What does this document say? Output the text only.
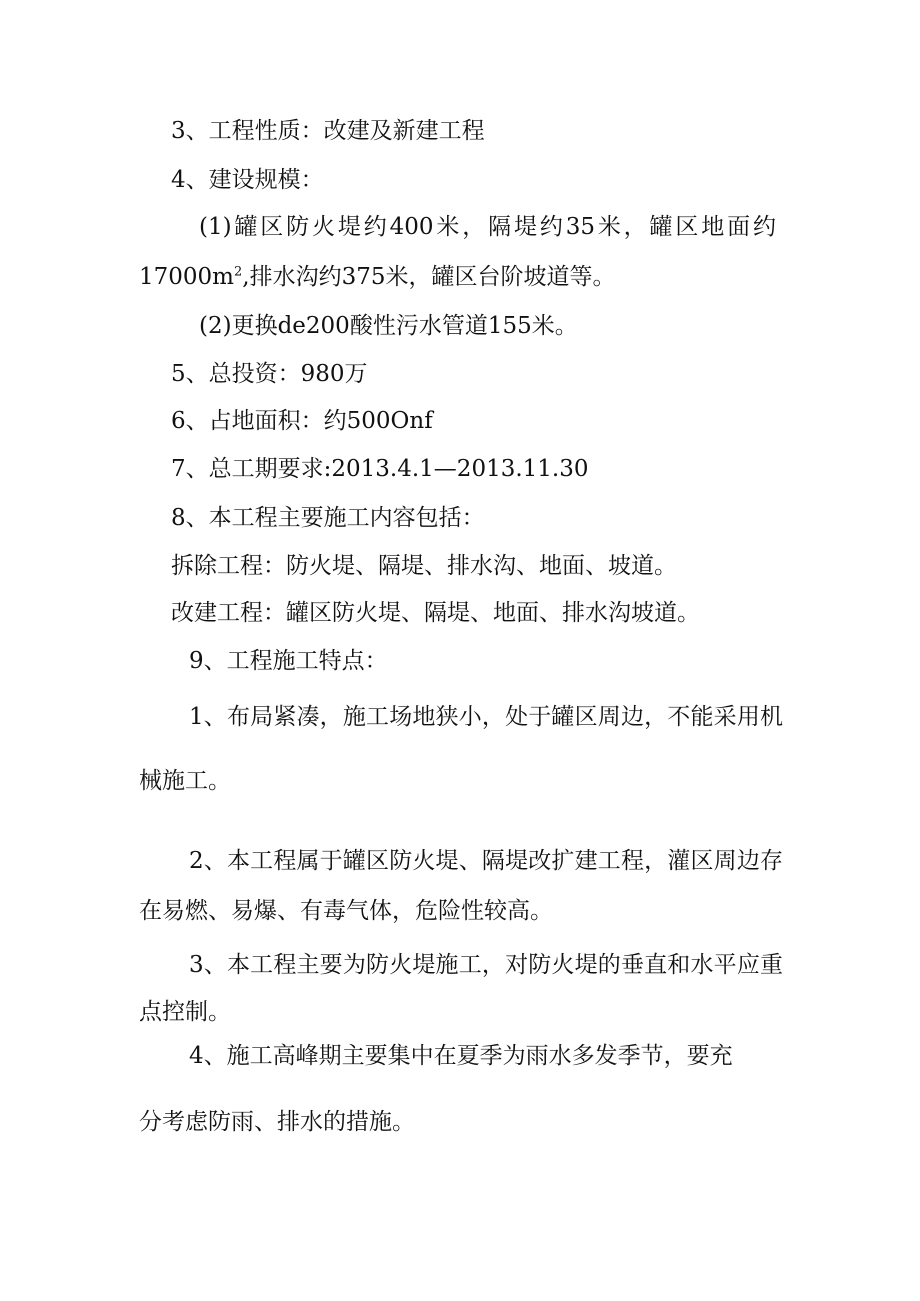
3、工程性质：改建及新建工程

4、建设规模：

(1)罐区防火堤约400米，隔堤约35米，罐区地面约

$17000m^2$,排水沟约375米，罐区台阶坡道等。

(2)更换de200酸性污水管道155米。

5、总投资：980万

6、占地面积：约500Onf

7、总工期要求:2013.4.1—2013.11.30

8、本工程主要施工内容包括：

拆除工程：防火堤、隔堤、排水沟、地面、坡道。

改建工程：罐区防火堤、隔堤、地面、排水沟坡道。

9、工程施工特点：

1、布局紧凑，施工场地狭小，处于罐区周边，不能采用机

械施工。

2、本工程属于罐区防火堤、隔堤改扩建工程，灌区周边存

在易燃、易爆、有毒气体，危险性较高。

3、本工程主要为防火堤施工，对防火堤的垂直和水平应重

点控制。

4、施工高峰期主要集中在夏季为雨水多发季节，要充

分考虑防雨、排水的措施。
